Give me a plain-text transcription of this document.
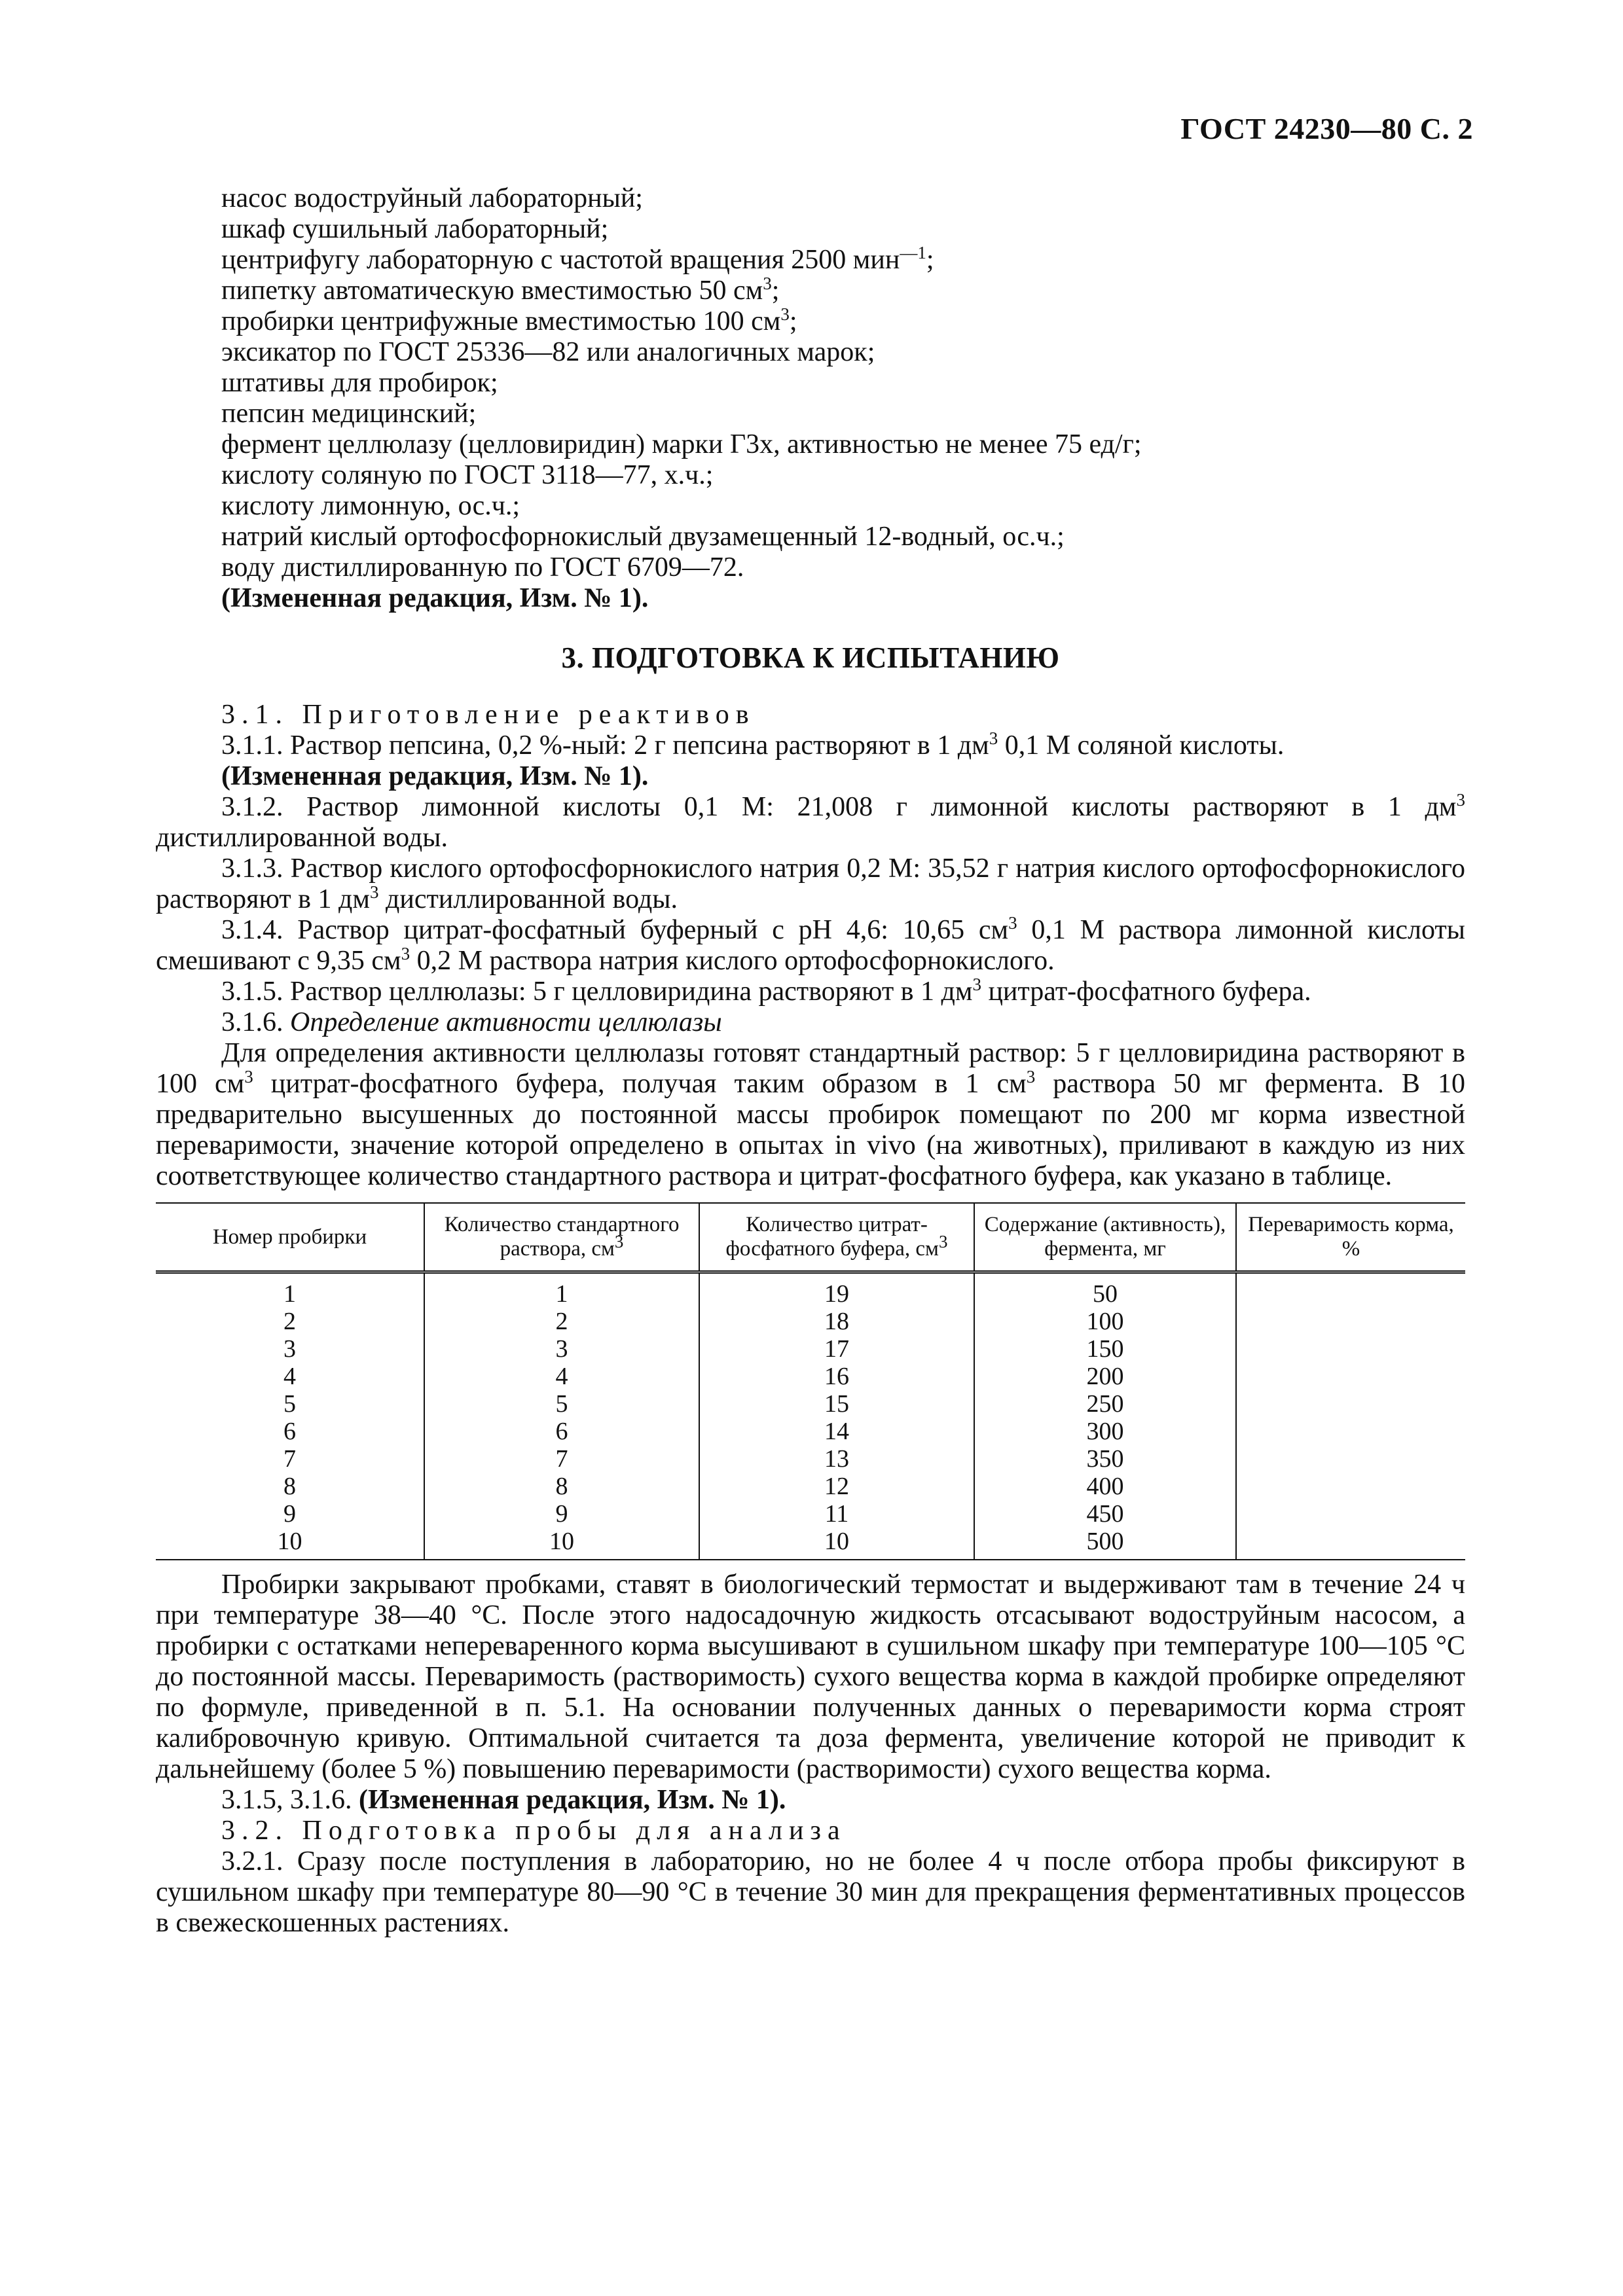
ГОСТ 24230—80 С. 2
насос водоструйный лабораторный;
шкаф сушильный лабораторный;
центрифугу лабораторную с частотой вращения 2500 мин$^{—1}$;
пипетку автоматическую вместимостью 50 $см^3$;
пробирки центрифужные вместимостью 100 $см^3$;
эксикатор по ГОСТ 25336—82 или аналогичных марок;
штативы для пробирок;
пепсин медицинский;
фермент целлюлазу (целловиридин) марки Г3х, активностью не менее 75 ед/г;
кислоту соляную по ГОСТ 3118—77, х.ч.;
кислоту лимонную, ос.ч.;
натрий кислый ортофосфорнокислый двузамещенный 12-водный, ос.ч.;
воду дистиллированную по ГОСТ 6709—72.
(Измененная редакция, Изм. № 1).
3. ПОДГОТОВКА К ИСПЫТАНИЮ

3.1. Приготовление реактивов

3.1.1. Раствор пепсина, 0,2 %-ный: 2 г пепсина растворяют в 1 $дм^3$ 0,1 М соляной кислоты.

(Измененная редакция, Изм. № 1).

3.1.2. Раствор лимонной кислоты 0,1 М: 21,008 г лимонной кислоты растворяют в 1 $дм^3$ дистиллированной воды.

3.1.3. Раствор кислого ортофосфорнокислого натрия 0,2 М: 35,52 г натрия кислого ортофосфорнокислого растворяют в 1 $дм^3$ дистиллированной воды.

3.1.4. Раствор цитрат-фосфатный буферный с pH 4,6: 10,65 $см^3$ 0,1 М раствора лимонной кислоты смешивают с 9,35 $см^3$ 0,2 М раствора натрия кислого ортофосфорнокислого.

3.1.5. Раствор целлюлазы: 5 г целловиридина растворяют в 1 $дм^3$ цитрат-фосфатного буфера.

3.1.6. Определение активности целлюлазы

Для определения активности целлюлазы готовят стандартный раствор: 5 г целловиридина растворяют в 100 $см^3$ цитрат-фосфатного буфера, получая таким образом в 1 $см^3$ раствора 50 мг фермента. В 10 предварительно высушенных до постоянной массы пробирок помещают по 200 мг корма известной переваримости, значение которой определено в опытах in vivo (на животных), приливают в каждую из них соответствующее количество стандартного раствора и цитрат-фосфатного буфера, как указано в таблице.

Номер пробирки	Количество стандартного раствора, $см^3$	Количество цитрат-фосфатного буфера, $см^3$	Содержание (активность), фермента, мг	Переваримость корма, %
1	1	19	50	
2	2	18	100	
3	3	17	150	
4	4	16	200	
5	5	15	250	
6	6	14	300	
7	7	13	350	
8	8	12	400	
9	9	11	450	
10	10	10	500	

Пробирки закрывают пробками, ставят в биологический термостат и выдерживают там в течение 24 ч при температуре 38—40 °С. После этого надосадочную жидкость отсасывают водоструйным насосом, а пробирки с остатками непереваренного корма высушивают в сушильном шкафу при температуре 100—105 °С до постоянной массы. Переваримость (растворимость) сухого вещества корма в каждой пробирке определяют по формуле, приведенной в п. 5.1. На основании полученных данных о переваримости корма строят калибровочную кривую. Оптимальной считается та доза фермента, увеличение которой не приводит к дальнейшему (более 5 %) повышению переваримости (растворимости) сухого вещества корма.

3.1.5, 3.1.6. (Измененная редакция, Изм. № 1).

3.2. Подготовка пробы для анализа

3.2.1. Сразу после поступления в лабораторию, но не более 4 ч после отбора пробы фиксируют в сушильном шкафу при температуре 80—90 °С в течение 30 мин для прекращения ферментативных процессов в свежескошенных растениях.
